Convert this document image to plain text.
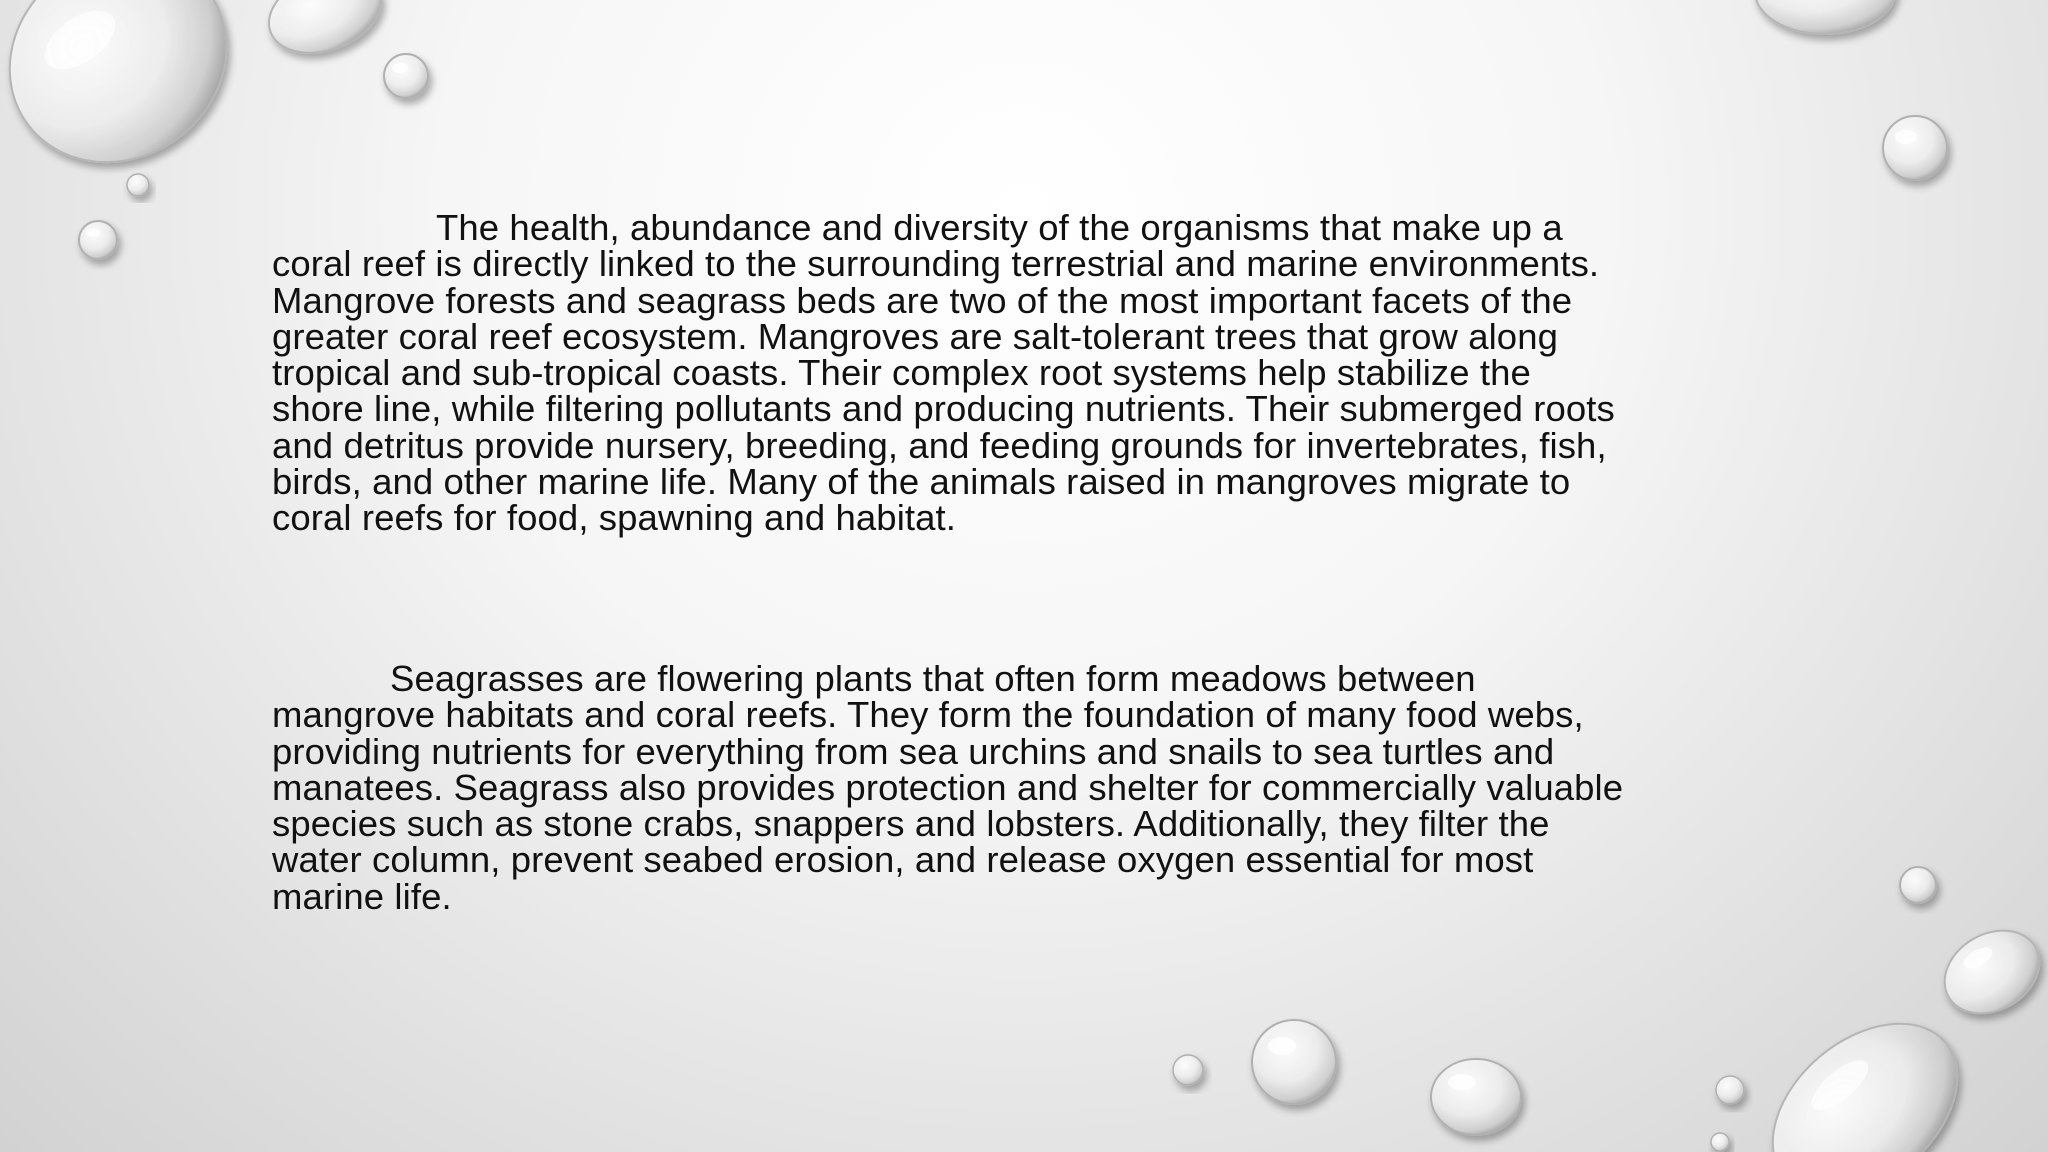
The health, abundance and diversity of the organisms that make up a
coral reef is directly linked to the surrounding terrestrial and marine environments.
Mangrove forests and seagrass beds are two of the most important facets of the
greater coral reef ecosystem. Mangroves are salt-tolerant trees that grow along
tropical and sub-tropical coasts. Their complex root systems help stabilize the
shore line, while filtering pollutants and producing nutrients. Their submerged roots
and detritus provide nursery, breeding, and feeding grounds for invertebrates, fish,
birds, and other marine life. Many of the animals raised in mangroves migrate to
coral reefs for food, spawning and habitat.
Seagrasses are flowering plants that often form meadows between
mangrove habitats and coral reefs. They form the foundation of many food webs,
providing nutrients for everything from sea urchins and snails to sea turtles and
manatees. Seagrass also provides protection and shelter for commercially valuable
species such as stone crabs, snappers and lobsters. Additionally, they filter the
water column, prevent seabed erosion, and release oxygen essential for most
marine life.
